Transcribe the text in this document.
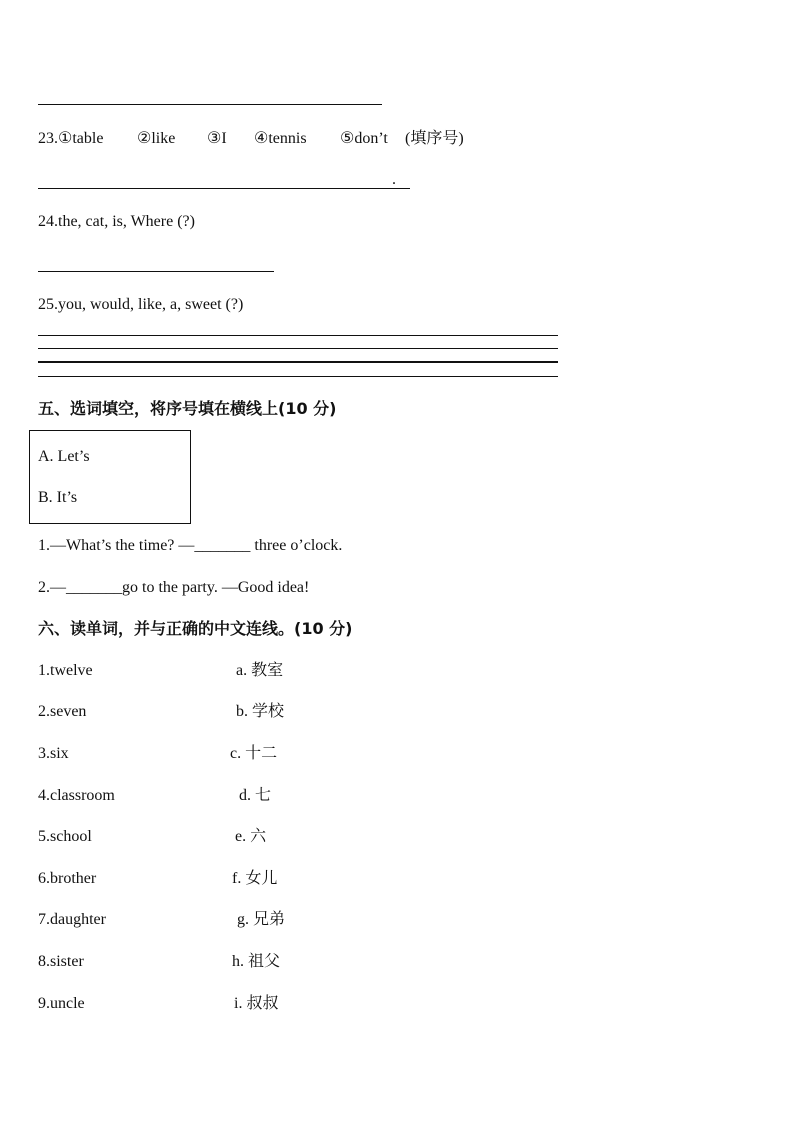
23.①table ②like ③I ④tennis ⑤don’t (填序号)
.
24.the, cat, is, Where (?)
25.you, would, like, a, sweet (?)
五、选词填空，将序号填在横线上(10 分)
A. Let’s
B. It’s
1.—What’s the time? —_______ three o’clock.
2.—_______go to the party. —Good idea!
六、读单词，并与正确的中文连线。(10 分)
1.twelve	a. 教室
2.seven	b. 学校
3.six	c. 十二
4.classroom	d. 七
5.school	e. 六
6.brother	f. 女儿
7.daughter	g. 兄弟
8.sister	h. 祖父
9.uncle	i. 叔叔
